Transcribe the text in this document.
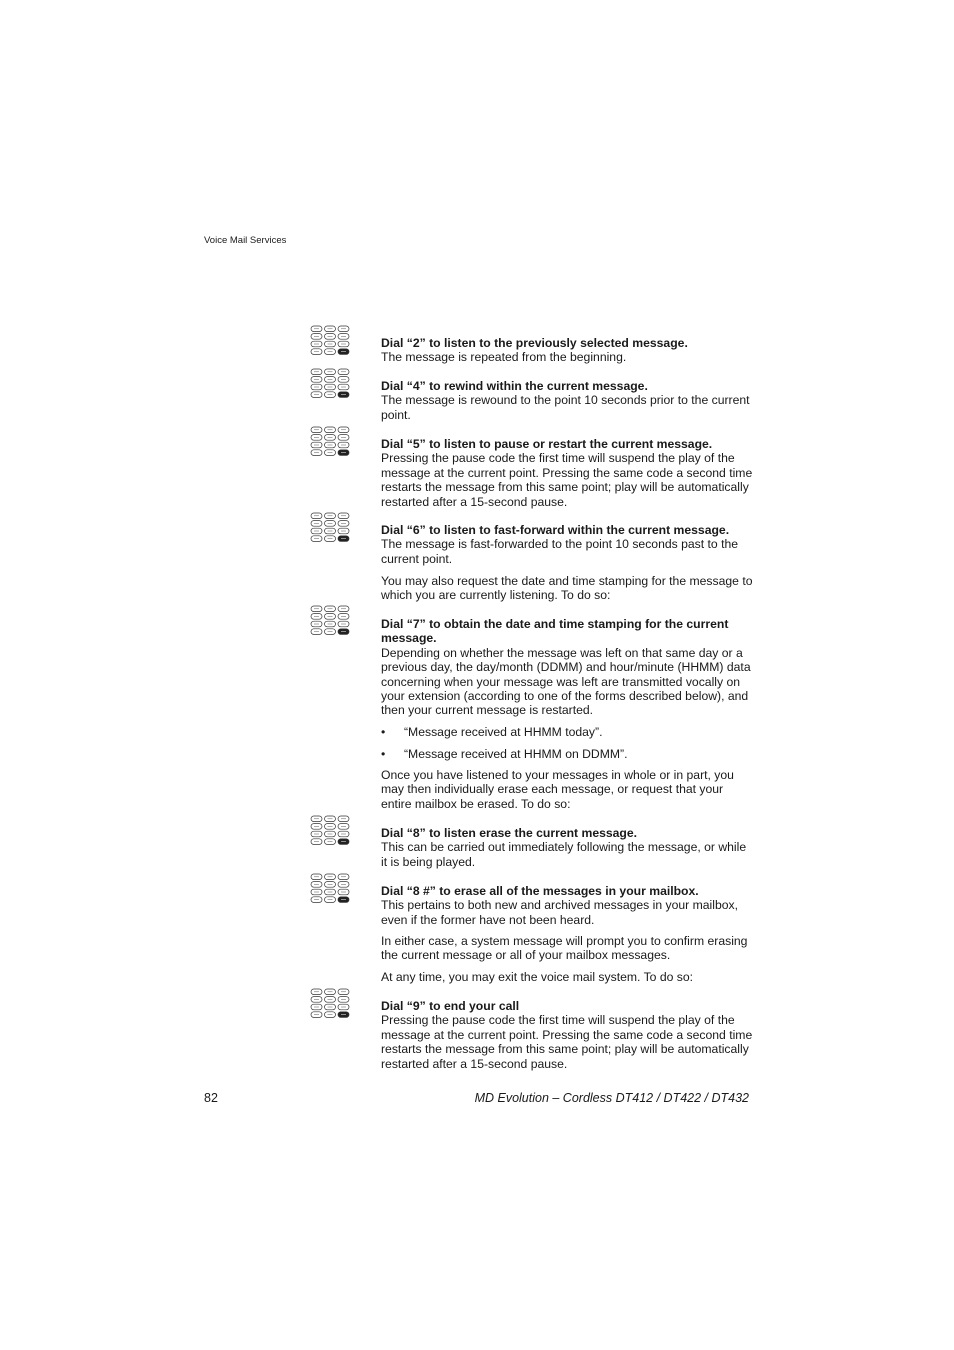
Voice Mail Services
Dial “2” to listen to the previously selected message.

The message is repeated from the beginning.

Dial “4” to rewind within the current message.

The message is rewound to the point 10 seconds prior to the current point.

Dial “5” to listen to pause or restart the current message.

Pressing the pause code the first time will suspend the play of the message at the current point. Pressing the same code a second time restarts the message from this same point; play will be automatically restarted after a 15-second pause.

Dial “6” to listen to fast-forward within the current message.

The message is fast-forwarded to the point 10 seconds past to the current point.

You may also request the date and time stamping for the message to which you are currently listening. To do so:

Dial “7” to obtain the date and time stamping for the current message.

Depending on whether the message was left on that same day or a previous day, the day/month (DDMM) and hour/minute (HHMM) data concerning when your message was left are transmitted vocally on your extension (according to one of the forms described below), and then your current message is restarted.

• “Message received at HHMM today”.
• “Message received at HHMM on DDMM”.

Once you have listened to your messages in whole or in part, you may then individually erase each message, or request that your entire mailbox be erased. To do so:

Dial “8” to listen erase the current message.

This can be carried out immediately following the message, or while it is being played.

Dial “8 #” to erase all of the messages in your mailbox.

This pertains to both new and archived messages in your mailbox, even if the former have not been heard.

In either case, a system message will prompt you to confirm erasing the current message or all of your mailbox messages.

At any time, you may exit the voice mail system. To do so:

Dial “9” to end your call

Pressing the pause code the first time will suspend the play of the message at the current point. Pressing the same code a second time restarts the message from this same point; play will be automatically restarted after a 15-second pause.

82	MD Evolution – Cordless DT412 / DT422 / DT432
